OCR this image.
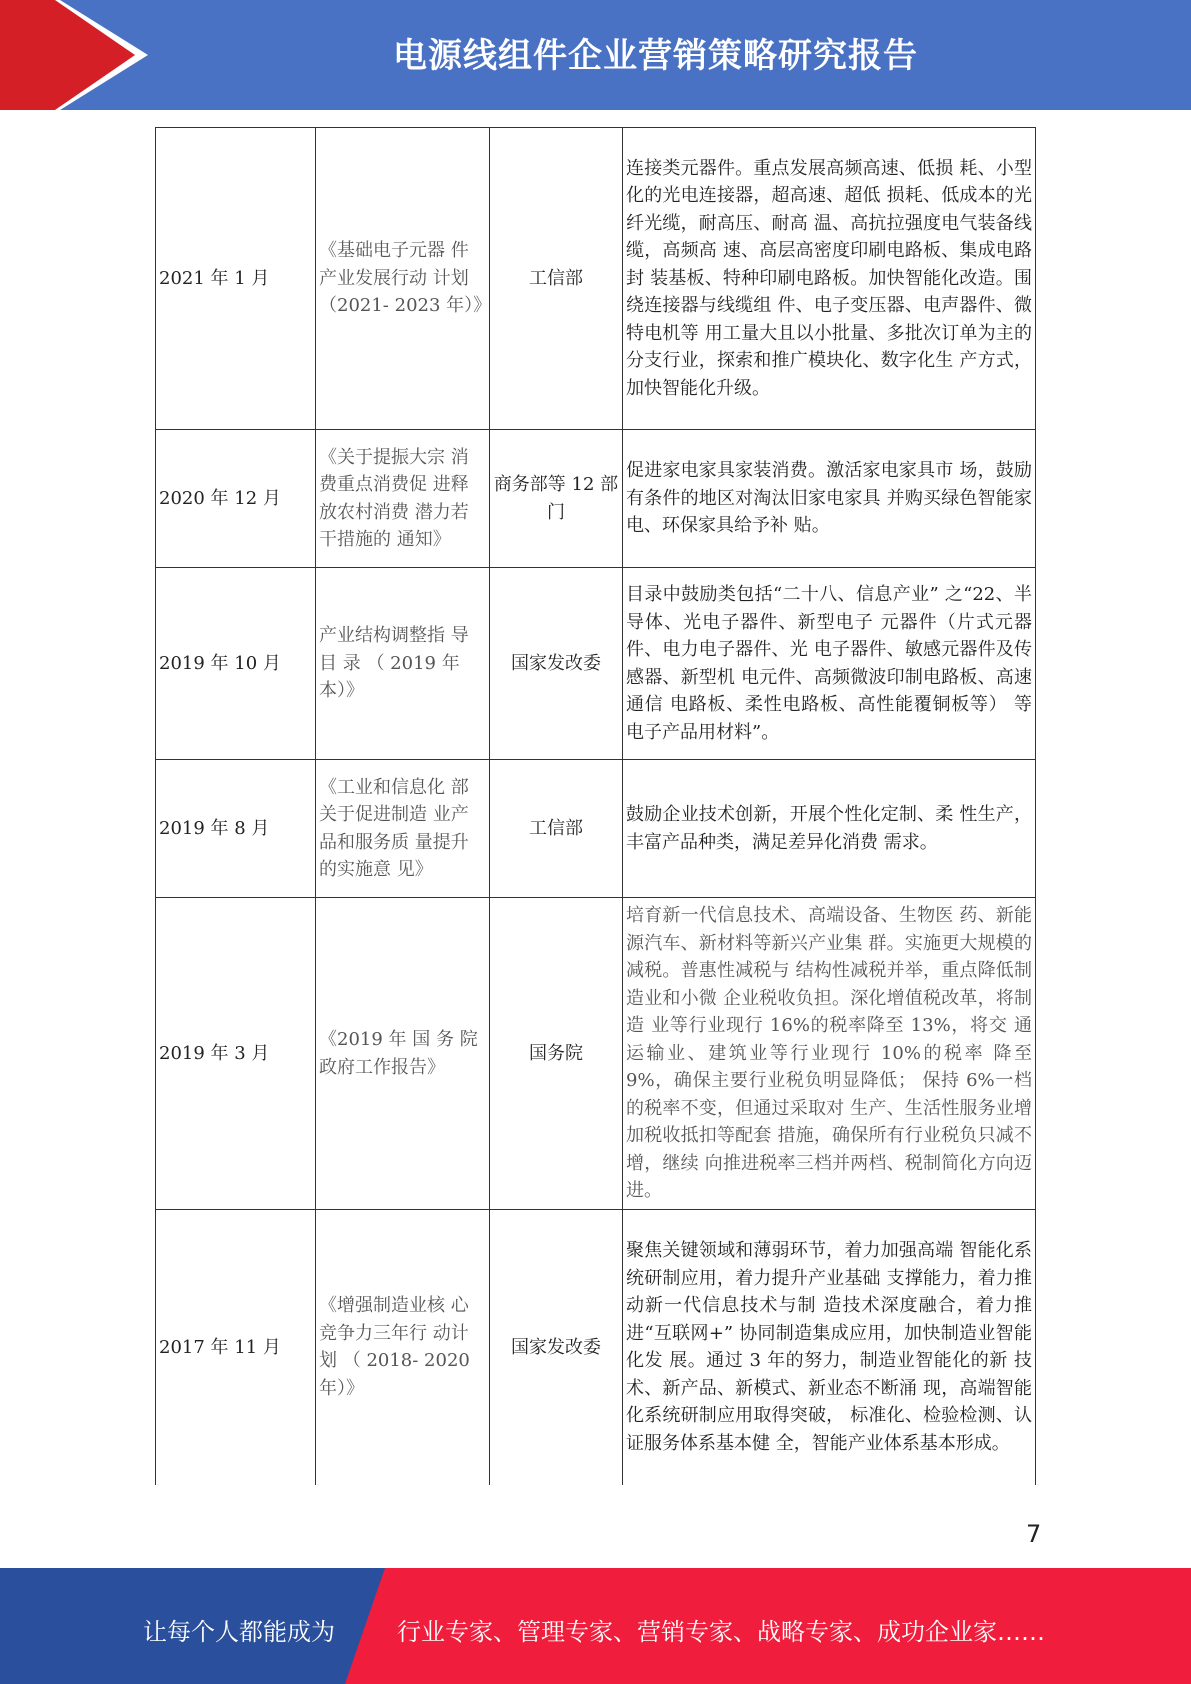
电源线组件企业营销策略研究报告
2021 年 1 月	《基础电子元器 件产业发展行动 计划（2021- 2023 年）》	工信部	连接类元器件。重点发展高频高速、低损 耗、小型化的光电连接器，超高速、超低 损耗、低成本的光纤光缆，耐高压、耐高 温、高抗拉强度电气装备线缆，高频高 速、高层高密度印刷电路板、集成电路封 装基板、特种印刷电路板。加快智能化改造。围绕连接器与线缆组 件、电子变压器、电声器件、微特电机等 用工量大且以小批量、多批次订单为主的 分支行业，探索和推广模块化、数字化生 产方式，加快智能化升级。
2020 年 12 月	《关于提振大宗 消费重点消费促 进释放农村消费 潜力若干措施的 通知》	商务部等 12 部门	促进家电家具家装消费。激活家电家具市 场，鼓励有条件的地区对淘汰旧家电家具 并购买绿色智能家电、环保家具给予补 贴。
2019 年 10 月	产业结构调整指 导目 录 （ 2019 年本）》	国家发改委	目录中鼓励类包括“二十八、信息产业” 之“22、半导体、光电子器件、新型电子 元器件（片式元器件、电力电子器件、光 电子器件、敏感元器件及传感器、新型机 电元件、高频微波印制电路板、高速通信 电路板、柔性电路板、高性能覆铜板等） 等电子产品用材料”。
2019 年 8 月	《工业和信息化 部关于促进制造 业产品和服务质 量提升的实施意 见》	工信部	鼓励企业技术创新，开展个性化定制、柔 性生产，丰富产品种类，满足差异化消费 需求。
2019 年 3 月	《2019 年 国 务 院 政府工作报告》	国务院	培育新一代信息技术、高端设备、生物医 药、新能源汽车、新材料等新兴产业集 群。实施更大规模的减税。普惠性减税与 结构性减税并举，重点降低制造业和小微 企业税收负担。深化增值税改革，将制造 业等行业现行 16%的税率降至 13%，将交 通运输业、建筑业等行业现行 10%的税率 降至 9%，确保主要行业税负明显降低； 保持 6%一档的税率不变，但通过采取对 生产、生活性服务业增加税收抵扣等配套 措施，确保所有行业税负只减不增，继续 向推进税率三档并两档、税制简化方向迈 进。
2017 年 11 月	《增强制造业核 心竞争力三年行 动计划 （ 2018- 2020 年）》	国家发改委	聚焦关键领域和薄弱环节，着力加强高端 智能化系统研制应用，着力提升产业基础 支撑能力，着力推动新一代信息技术与制 造技术深度融合，着力推进“互联网+” 协同制造集成应用，加快制造业智能化发 展。通过 3 年的努力，制造业智能化的新 技术、新产品、新模式、新业态不断涌 现，高端智能化系统研制应用取得突破， 标准化、检验检测、认证服务体系基本健 全，智能产业体系基本形成。
7
让每个人都能成为	行业专家、管理专家、营销专家、战略专家、成功企业家……
